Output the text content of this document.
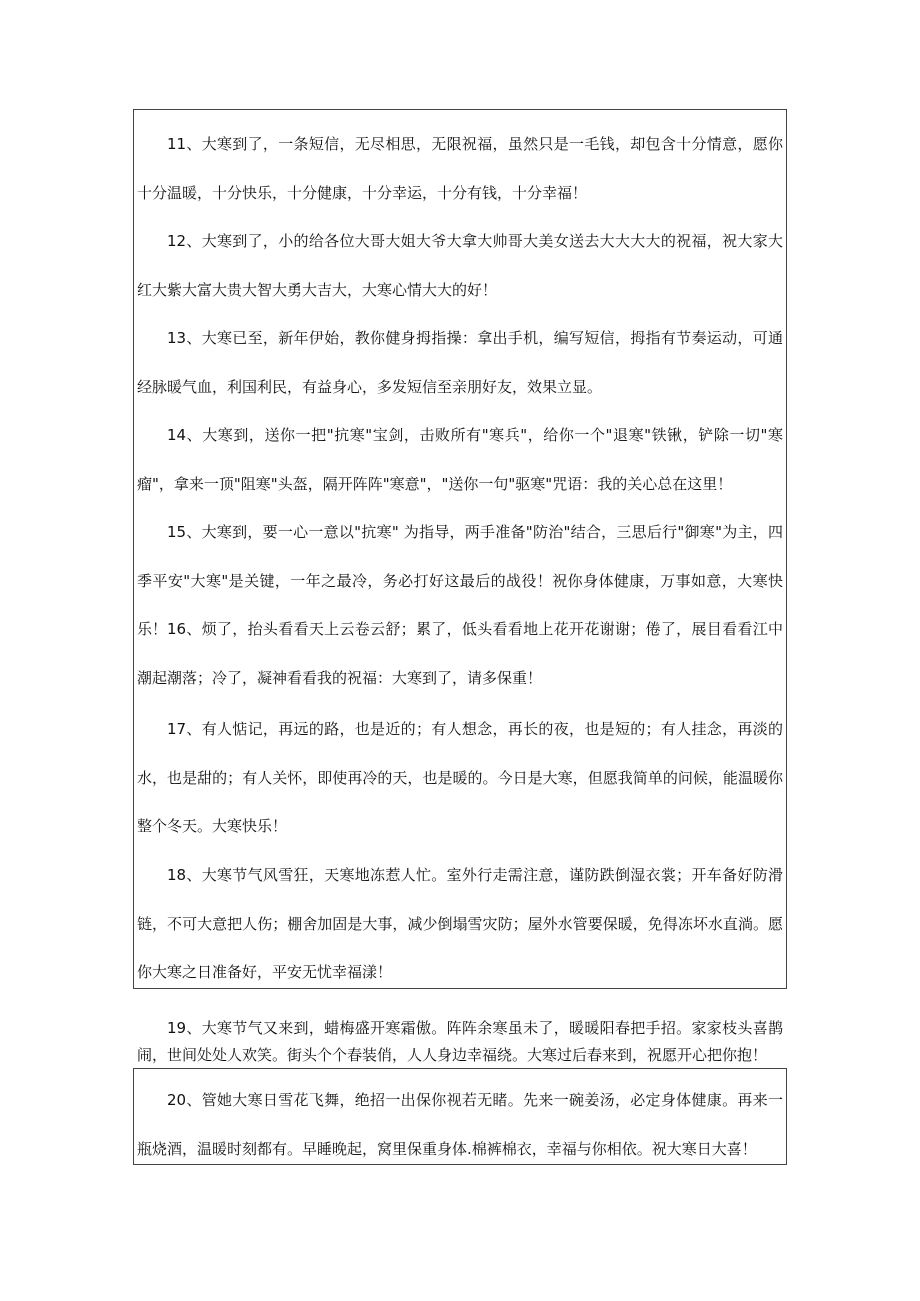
11、大寒到了，一条短信，无尽相思，无限祝福，虽然只是一毛钱，却包含十分情意，愿你十分温暖，十分快乐，十分健康，十分幸运，十分有钱，十分幸福！

12、大寒到了，小的给各位大哥大姐大爷大拿大帅哥大美女送去大大大大的祝福，祝大家大红大紫大富大贵大智大勇大吉大，大寒心情大大的好！

13、大寒已至，新年伊始，教你健身拇指操：拿出手机，编写短信，拇指有节奏运动，可通经脉暖气血，利国利民，有益身心，多发短信至亲朋好友，效果立显。

14、大寒到，送你一把"抗寒"宝剑，击败所有"寒兵"，给你一个"退寒"铁锹，铲除一切"寒瘤"，拿来一顶"阻寒"头盔，隔开阵阵"寒意"，"送你一句"驱寒"咒语：我的关心总在这里！

15、大寒到，要一心一意以"抗寒" 为指导，两手准备"防治"结合，三思后行"御寒"为主，四季平安"大寒"是关键，一年之最冷，务必打好这最后的战役！祝你身体健康，万事如意，大寒快乐！ 16、烦了，抬头看看天上云卷云舒；累了，低头看看地上花开花谢谢；倦了，展目看看江中潮起潮落；冷了，凝神看看我的祝福：大寒到了，请多保重！

17、有人惦记，再远的路，也是近的；有人想念，再长的夜，也是短的；有人挂念，再淡的水，也是甜的；有人关怀，即使再冷的天，也是暖的。今日是大寒，但愿我简单的问候，能温暖你整个冬天。大寒快乐！

18、大寒节气风雪狂，天寒地冻惹人忙。室外行走需注意，谨防跌倒湿衣裳；开车备好防滑链，不可大意把人伤；棚舍加固是大事，减少倒塌雪灾防；屋外水管要保暖，免得冻坏水直淌。愿你大寒之日准备好，平安无忧幸福漾！

19、大寒节气又来到，蜡梅盛开寒霜傲。阵阵余寒虽未了，暖暖阳春把手招。家家枝头喜鹊闹，世间处处人欢笑。街头个个春装俏，人人身边幸福绕。大寒过后春来到，祝愿开心把你抱！

20、管她大寒日雪花飞舞，绝招一出保你视若无睹。先来一碗姜汤，必定身体健康。再来一瓶烧酒，温暖时刻都有。早睡晚起，窝里保重身体.棉裤棉衣，幸福与你相依。祝大寒日大喜！
